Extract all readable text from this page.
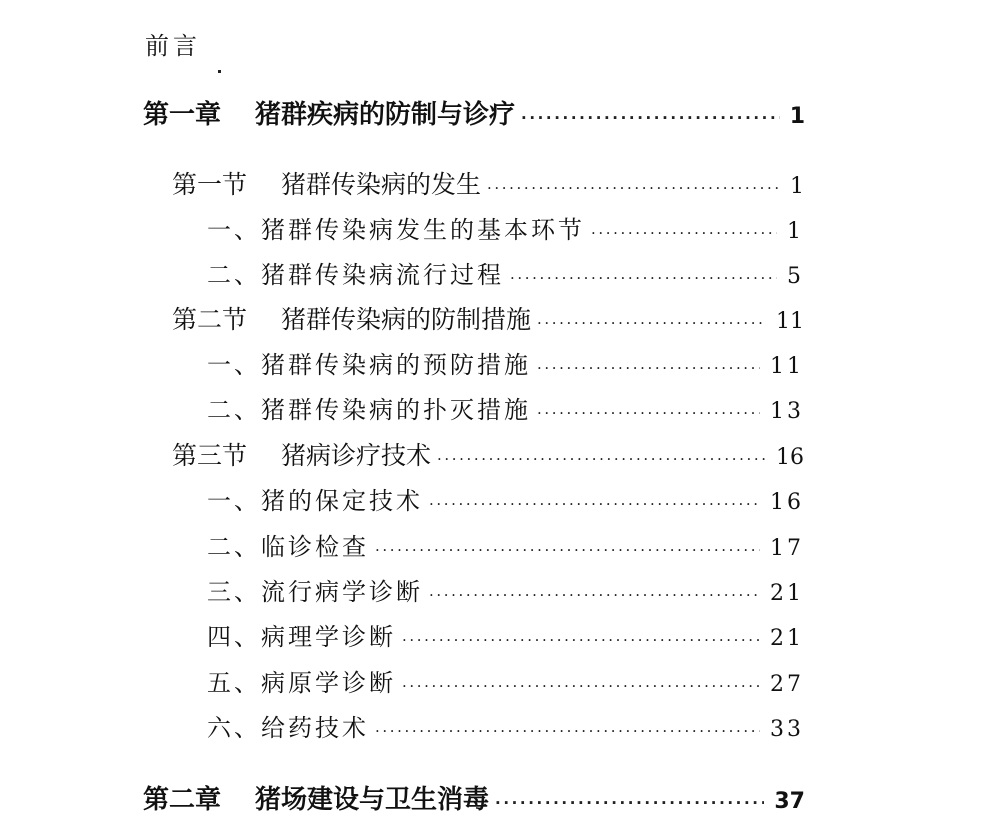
前言
第一章 猪群疾病的防制与诊疗 ·····	1
第一节 猪群传染病的发生 ·····	1
一、猪群传染病发生的基本环节 ·····	1
二、猪群传染病流行过程 ·····	5
第二节 猪群传染病的防制措施 ·····	11
一、猪群传染病的预防措施 ·····	11
二、猪群传染病的扑灭措施 ·····	13
第三节 猪病诊疗技术 ·····	16
一、猪的保定技术 ·····	16
二、临诊检查 ·····	17
三、流行病学诊断 ·····	21
四、病理学诊断 ·····	21
五、病原学诊断 ·····	27
六、给药技术 ·····	33
第二章 猪场建设与卫生消毒 ·····	37
